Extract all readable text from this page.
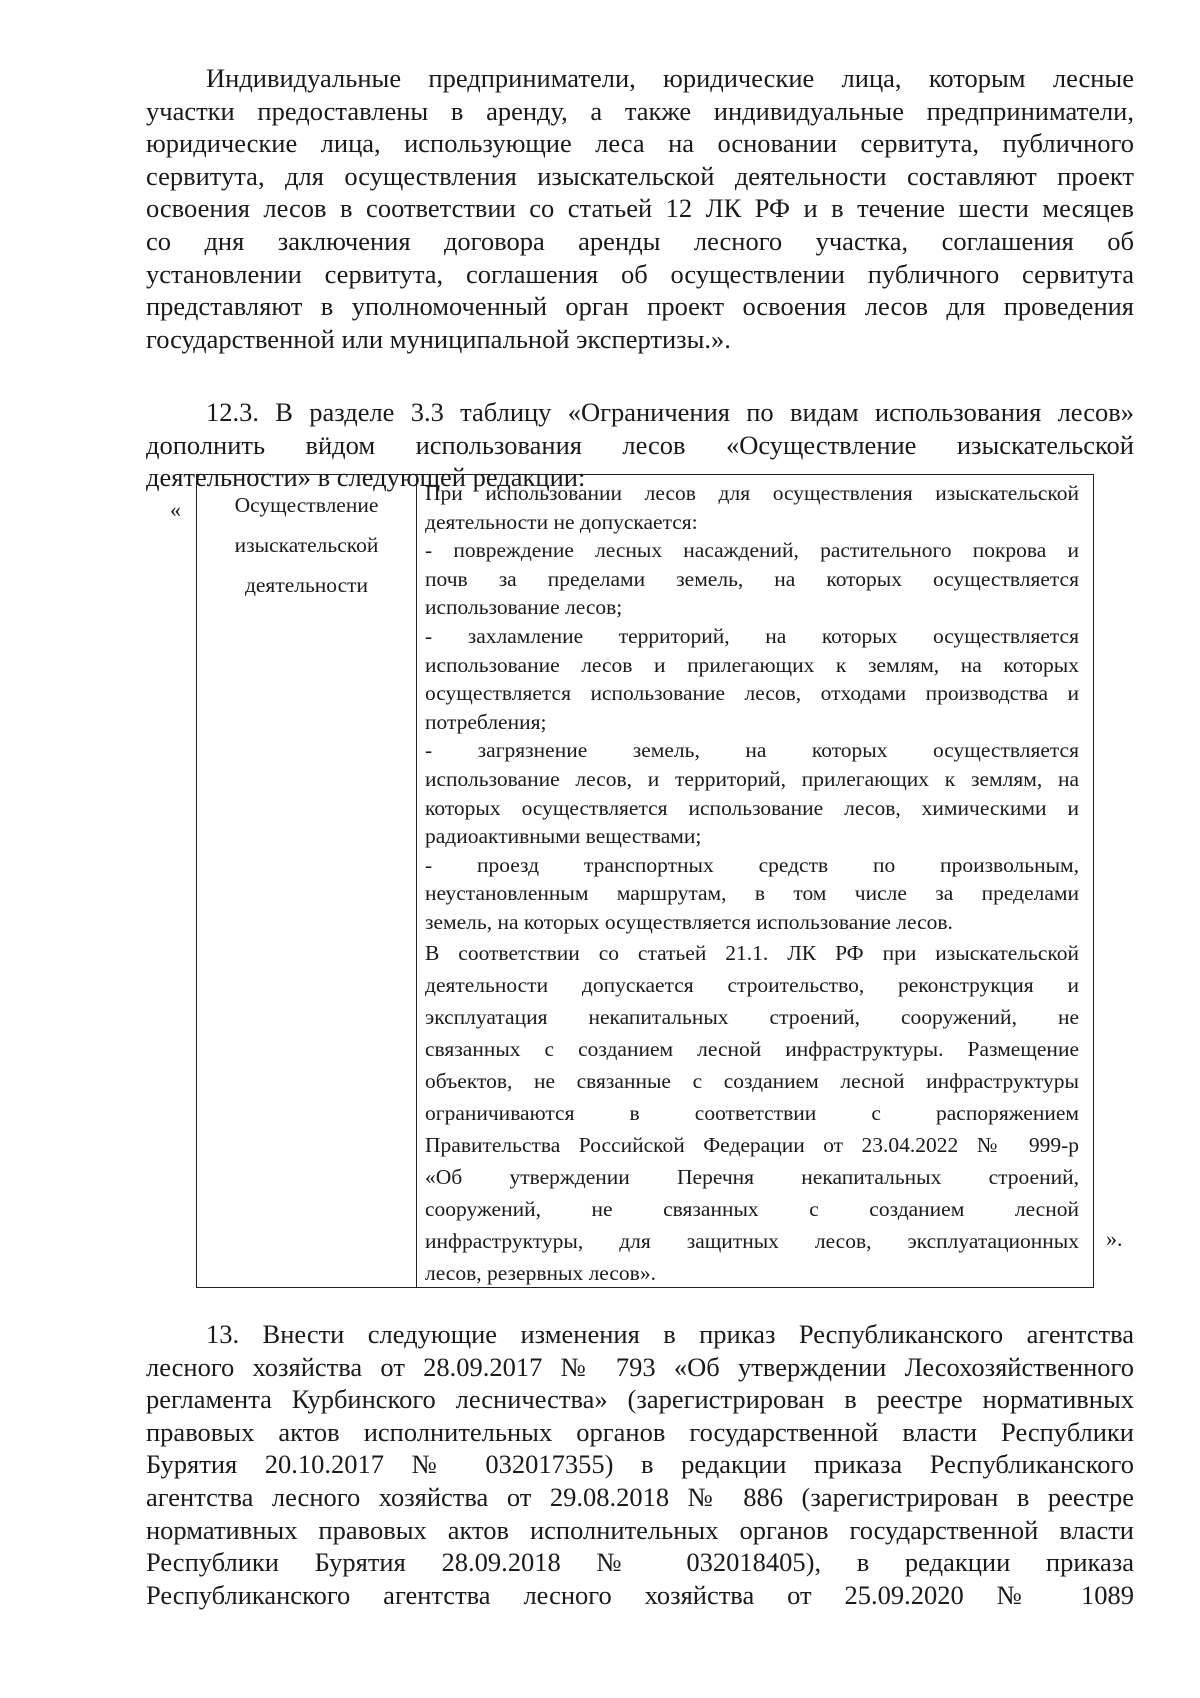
Индивидуальные предприниматели, юридические лица, которым лесные
участки предоставлены в аренду, а также индивидуальные предприниматели,
юридические лица, использующие леса на основании сервитута, публичного
сервитута, для осуществления изыскательской деятельности составляют проект
освоения лесов в соответствии со статьей 12 ЛК РФ и в течение шести месяцев
со дня заключения договора аренды лесного участка, соглашения об
установлении сервитута, соглашения об осуществлении публичного сервитута
представляют в уполномоченный орган проект освоения лесов для проведения
государственной или муниципальной экспертизы.».
12.3. В разделе 3.3 таблицу «Ограничения по видам использования лесов»
дополнить вӥдом использования лесов «Осуществление изыскательской
деятельности» в следующей редакции:
«	Осуществление
изыскательской
деятельности
При использовании лесов для осуществления изыскательской
деятельности не допускается:
- повреждение лесных насаждений, растительного покрова и
почв за пределами земель, на которых осуществляется
использование лесов;
- захламление территорий, на которых осуществляется
использование лесов и прилегающих к землям, на которых
осуществляется использование лесов, отходами производства и
потребления;
- загрязнение земель, на которых осуществляется
использование лесов, и территорий, прилегающих к землям, на
которых осуществляется использование лесов, химическими и
радиоактивными веществами;
- проезд транспортных средств по произвольным,
неустановленным маршрутам, в том числе за пределами
земель, на которых осуществляется использование лесов.
В соответствии со статьей 21.1. ЛК РФ при изыскательской
деятельности допускается строительство, реконструкция и
эксплуатация некапитальных строений, сооружений, не
связанных с созданием лесной инфраструктуры. Размещение
объектов, не связанные с созданием лесной инфраструктуры
ограничиваются в соответствии с распоряжением
Правительства Российской Федерации от 23.04.2022 № 999-р
«Об утверждении Перечня некапитальных строений,
сооружений, не связанных с созданием лесной
инфраструктуры, для защитных лесов, эксплуатационных
лесов, резервных лесов».
».
13. Внести следующие изменения в приказ Республиканского агентства
лесного хозяйства от 28.09.2017 № 793 «Об утверждении Лесохозяйственного
регламента Курбинского лесничества» (зарегистрирован в реестре нормативных
правовых актов исполнительных органов государственной власти Республики
Бурятия 20.10.2017 № 032017355) в редакции приказа Республиканского
агентства лесного хозяйства от 29.08.2018 № 886 (зарегистрирован в реестре
нормативных правовых актов исполнительных органов государственной власти
Республики Бурятия 28.09.2018 № 032018405), в редакции приказа
Республиканского агентства лесного хозяйства от 25.09.2020 № 1089
